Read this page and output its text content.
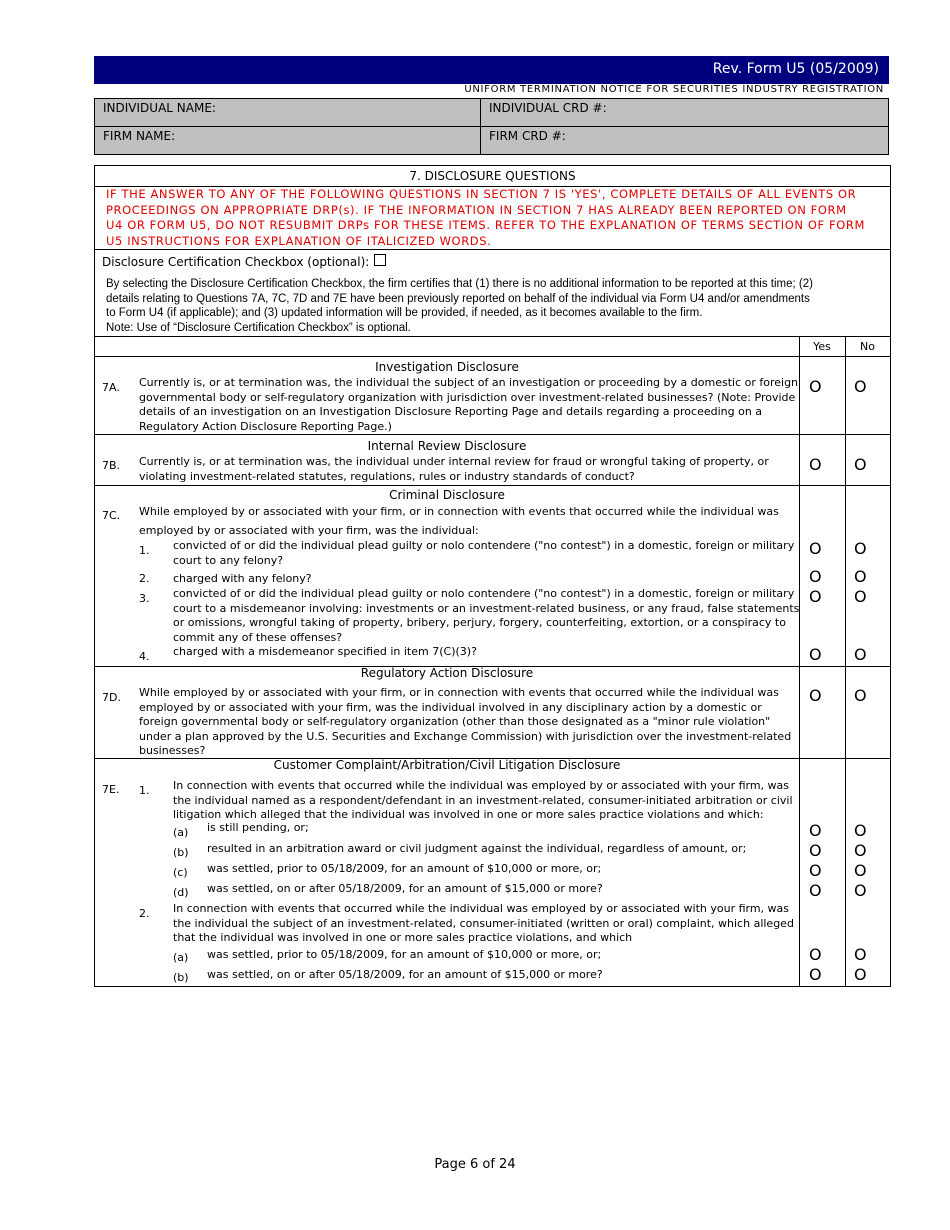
Rev. Form U5 (05/2009)
UNIFORM TERMINATION NOTICE FOR SECURITIES INDUSTRY REGISTRATION
INDIVIDUAL NAME:	INDIVIDUAL CRD #:
FIRM NAME:	FIRM CRD #:
7. DISCLOSURE QUESTIONS
IF THE ANSWER TO ANY OF THE FOLLOWING QUESTIONS IN SECTION 7 IS 'YES', COMPLETE DETAILS OF ALL EVENTS OR
PROCEEDINGS ON APPROPRIATE DRP(s). IF THE INFORMATION IN SECTION 7 HAS ALREADY BEEN REPORTED ON FORM
U4 OR FORM U5, DO NOT RESUBMIT DRPs FOR THESE ITEMS. REFER TO THE EXPLANATION OF TERMS SECTION OF FORM
U5 INSTRUCTIONS FOR EXPLANATION OF ITALICIZED WORDS.
Disclosure Certification Checkbox (optional):
By selecting the Disclosure Certification Checkbox, the firm certifies that (1) there is no additional information to be reported at this time; (2)
details relating to Questions 7A, 7C, 7D and 7E have been previously reported on behalf of the individual via Form U4 and/or amendments
to Form U4 (if applicable); and (3) updated information will be provided, if needed, as it becomes available to the firm.
Note: Use of “Disclosure Certification Checkbox” is optional.
Yes	No
Investigation Disclosure
7A. Currently is, or at termination was, the individual the subject of an investigation or proceeding by a domestic or foreign
governmental body or self-regulatory organization with jurisdiction over investment-related businesses? (Note: Provide
details of an investigation on an Investigation Disclosure Reporting Page and details regarding a proceeding on a
Regulatory Action Disclosure Reporting Page.)
O O
Internal Review Disclosure
7B. Currently is, or at termination was, the individual under internal review for fraud or wrongful taking of property, or
violating investment-related statutes, regulations, rules or industry standards of conduct?
O O
Criminal Disclosure
7C. While employed by or associated with your firm, or in connection with events that occurred while the individual was
employed by or associated with your firm, was the individual:
1. convicted of or did the individual plead guilty or nolo contendere ("no contest") in a domestic, foreign or military
court to any felony?
O O
2. charged with any felony?	O O
3. convicted of or did the individual plead guilty or nolo contendere ("no contest") in a domestic, foreign or military
court to a misdemeanor involving: investments or an investment-related business, or any fraud, false statements
or omissions, wrongful taking of property, bribery, perjury, forgery, counterfeiting, extortion, or a conspiracy to
commit any of these offenses?
O O
4. charged with a misdemeanor specified in item 7(C)(3)?	O O
Regulatory Action Disclosure
7D. While employed by or associated with your firm, or in connection with events that occurred while the individual was
employed by or associated with your firm, was the individual involved in any disciplinary action by a domestic or
foreign governmental body or self-regulatory organization (other than those designated as a "minor rule violation"
under a plan approved by the U.S. Securities and Exchange Commission) with jurisdiction over the investment-related
businesses?
O O
Customer Complaint/Arbitration/Civil Litigation Disclosure
7E. 1. In connection with events that occurred while the individual was employed by or associated with your firm, was
the individual named as a respondent/defendant in an investment-related, consumer-initiated arbitration or civil
litigation which alleged that the individual was involved in one or more sales practice violations and which:
(a) is still pending, or;	O O
(b) resulted in an arbitration award or civil judgment against the individual, regardless of amount, or;	O O
(c) was settled, prior to 05/18/2009, for an amount of $10,000 or more, or;	O O
(d) was settled, on or after 05/18/2009, for an amount of $15,000 or more?	O O
2. In connection with events that occurred while the individual was employed by or associated with your firm, was
the individual the subject of an investment-related, consumer-initiated (written or oral) complaint, which alleged
that the individual was involved in one or more sales practice violations, and which
(a) was settled, prior to 05/18/2009, for an amount of $10,000 or more, or;	O O
(b) was settled, on or after 05/18/2009, for an amount of $15,000 or more?	O O
Page 6 of 24
